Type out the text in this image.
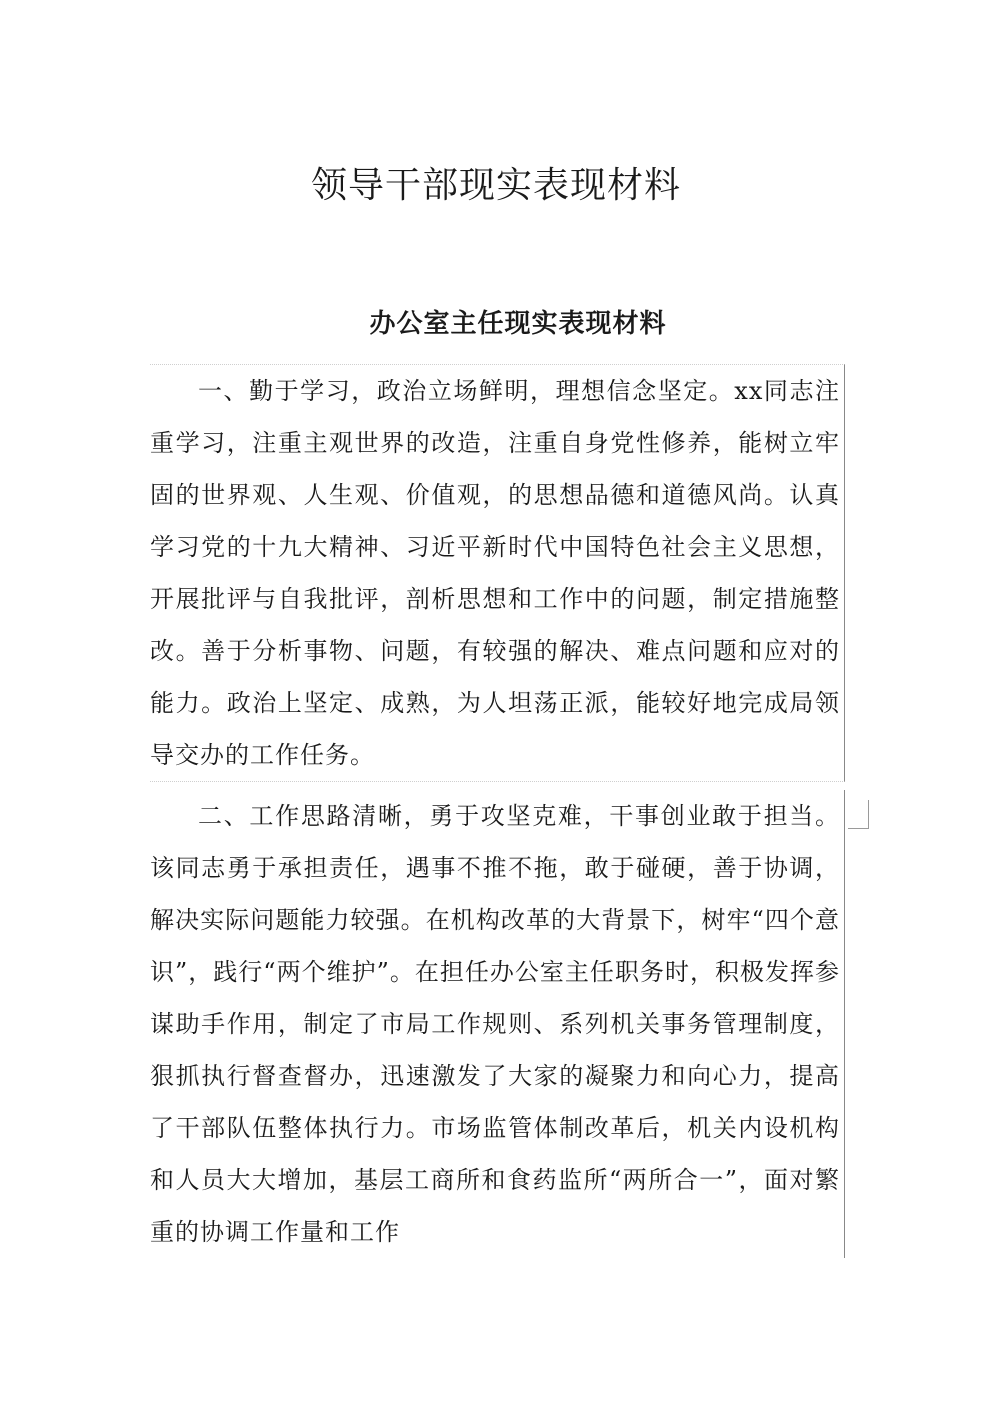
领导干部现实表现材料
办公室主任现实表现材料

一、勤于学习，政治立场鲜明，理想信念坚定。xx同志注重学习，注重主观世界的改造，注重自身党性修养，能树立牢固的世界观、人生观、价值观，的思想品德和道德风尚。认真学习党的十九大精神、习近平新时代中国特色社会主义思想，开展批评与自我批评，剖析思想和工作中的问题，制定措施整改。善于分析事物、问题，有较强的解决、难点问题和应对的能力。政治上坚定、成熟，为人坦荡正派，能较好地完成局领导交办的工作任务。

二、工作思路清晰，勇于攻坚克难，干事创业敢于担当。该同志勇于承担责任，遇事不推不拖，敢于碰硬，善于协调，解决实际问题能力较强。在机构改革的大背景下，树牢“四个意识”，践行“两个维护”。在担任办公室主任职务时，积极发挥参谋助手作用，制定了市局工作规则、系列机关事务管理制度，狠抓执行督查督办，迅速激发了大家的凝聚力和向心力，提高了干部队伍整体执行力。市场监管体制改革后，机关内设机构和人员大大增加，基层工商所和食药监所“两所合一”，面对繁重的协调工作量和工作
